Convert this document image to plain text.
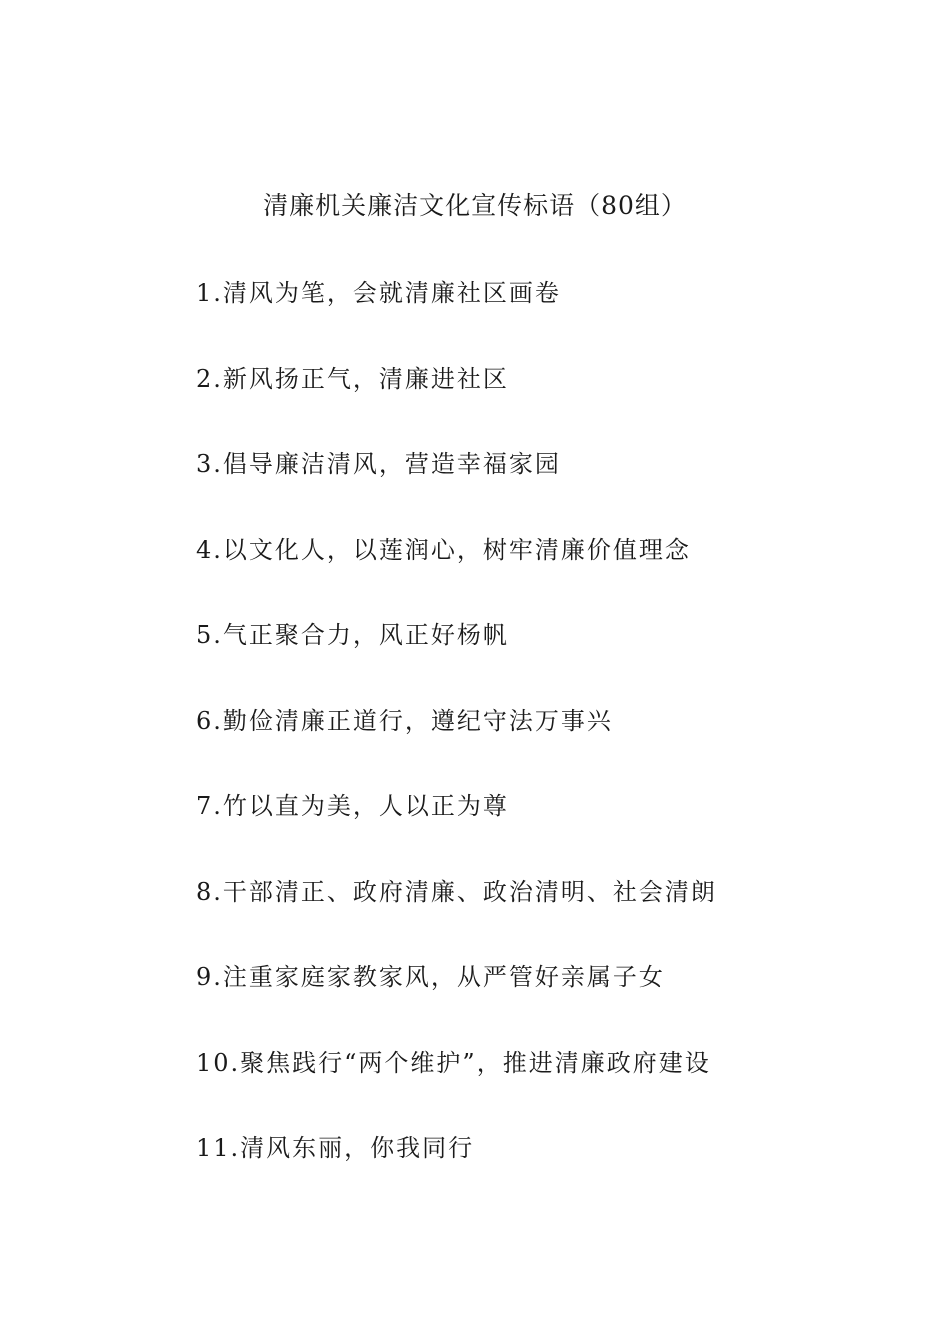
清廉机关廉洁文化宣传标语（80组）
1.清风为笔，会就清廉社区画卷
2.新风扬正气，清廉进社区
3.倡导廉洁清风，营造幸福家园
4.以文化人，以莲润心，树牢清廉价值理念
5.气正聚合力，风正好杨帆
6.勤俭清廉正道行，遵纪守法万事兴
7.竹以直为美，人以正为尊
8.干部清正、政府清廉、政治清明、社会清朗
9.注重家庭家教家风，从严管好亲属子女
10.聚焦践行“两个维护”，推进清廉政府建设
11.清风东丽，你我同行
